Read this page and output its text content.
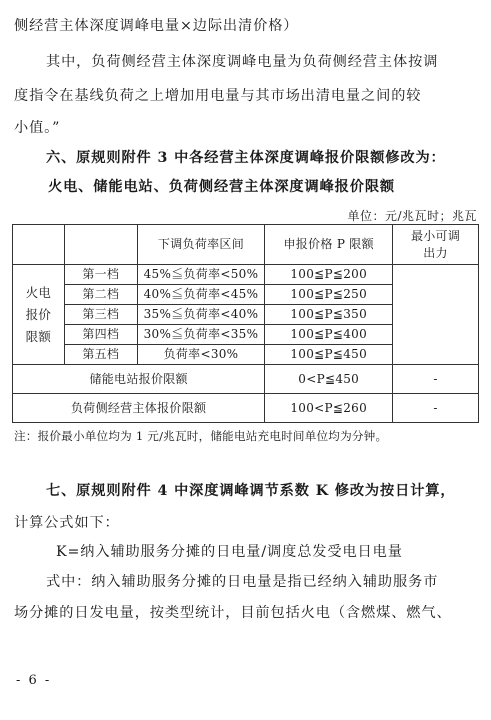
侧经营主体深度调峰电量×边际出清价格）
其中，负荷侧经营主体深度调峰电量为负荷侧经营主体按调
度指令在基线负荷之上增加用电量与其市场出清电量之间的较
小值。”
六、原规则附件 3 中各经营主体深度调峰报价限额修改为：
火电、储能电站、负荷侧经营主体深度调峰报价限额
单位：元/兆瓦时；兆瓦
		下调负荷率区间	申报价格 P 限额	最小可调出力

火电报价限额	第一档	45%≦负荷率<50%	100≦P≦200	
	第二档	40%≦负荷率<45%	100≦P≦250	
	第三档	35%≦负荷率<40%	100≦P≦350	
	第四档	30%≦负荷率<35%	100≦P≦400	
	第五档	负荷率<30%	100≦P≦450	
储能电站报价限额			0<P≦450	-
负荷侧经营主体报价限额			100<P≦260	-
注：报价最小单位均为 1 元/兆瓦时，储能电站充电时间单位均为分钟。
七、原规则附件 4 中深度调峰调节系数 K 修改为按日计算，
计算公式如下：
K=纳入辅助服务分摊的日电量/调度总发受电日电量
式中：纳入辅助服务分摊的日电量是指已经纳入辅助服务市
场分摊的日发电量，按类型统计，目前包括火电（含燃煤、燃气、
- 6 -
